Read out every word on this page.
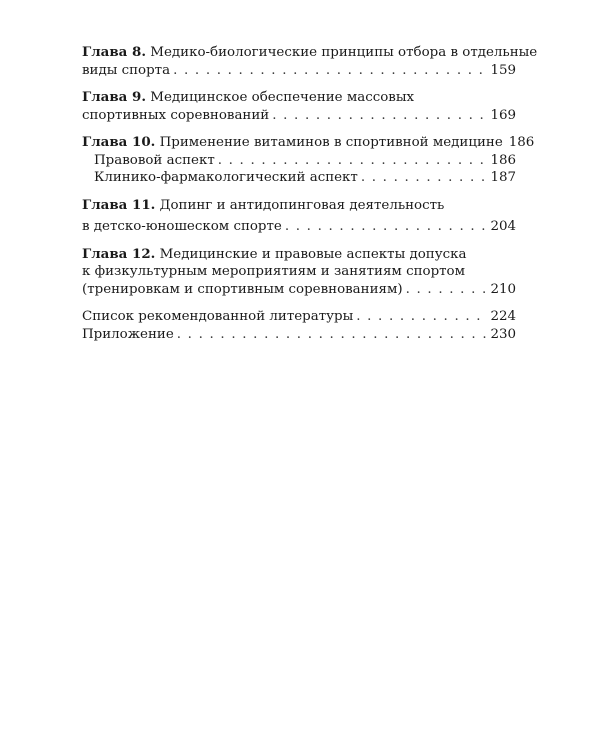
Глава 8. Медико-биологические принципы отбора в отдельные
виды спорта . . .	159
Глава 9. Медицинское обеспечение массовых
спортивных соревнований . . .	169
Глава 10. Применение витаминов в спортивной медицине 186
Правовой аспект . . .	186
Клинико-фармакологический аспект . . .	187
Глава 11. Допинг и антидопинговая деятельность
в детско-юношеском спорте . . .	204
Глава 12. Медицинские и правовые аспекты допуска
к физкультурным мероприятиям и занятиям спортом
(тренировкам и спортивным соревнованиям) . . .	210
Список рекомендованной литературы . . .	224
Приложение . . .	230
